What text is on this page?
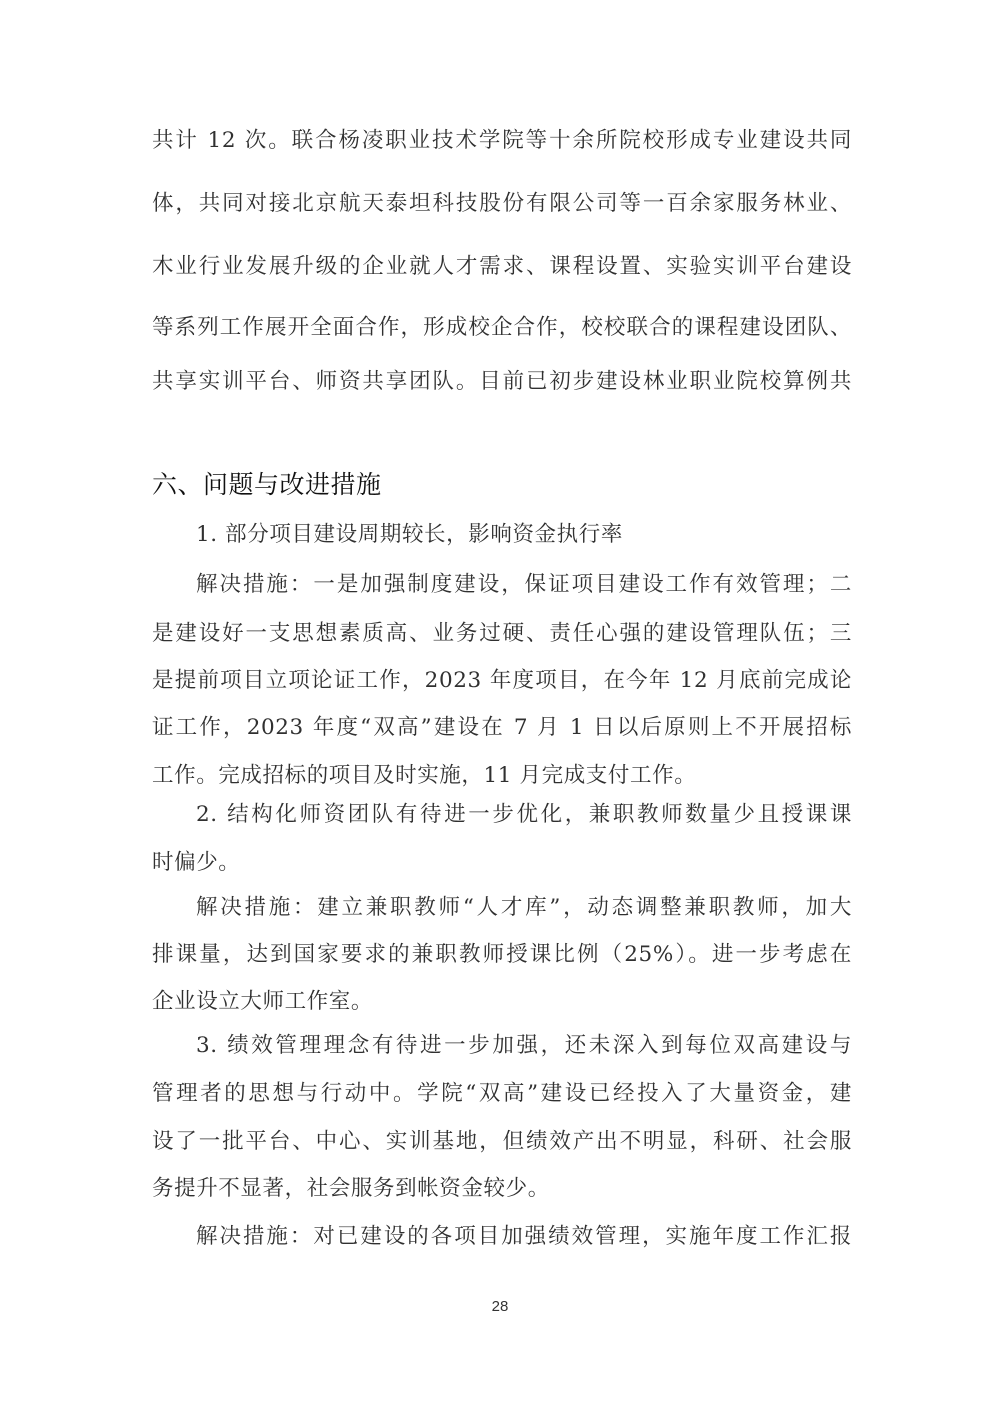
共计 12 次。联合杨凌职业技术学院等十余所院校形成专业建设共同
体，共同对接北京航天泰坦科技股份有限公司等一百余家服务林业、
木业行业发展升级的企业就人才需求、课程设置、实验实训平台建设
等系列工作展开全面合作，形成校企合作，校校联合的课程建设团队、
共享实训平台、师资共享团队。目前已初步建设林业职业院校算例共
六、问题与改进措施
1. 部分项目建设周期较长，影响资金执行率
解决措施：一是加强制度建设，保证项目建设工作有效管理；二
是建设好一支思想素质高、业务过硬、责任心强的建设管理队伍；三
是提前项目立项论证工作，2023 年度项目，在今年 12 月底前完成论
证工作，2023 年度“双高”建设在 7 月 1 日以后原则上不开展招标
工作。完成招标的项目及时实施，11 月完成支付工作。
2. 结构化师资团队有待进一步优化，兼职教师数量少且授课课
时偏少。
解决措施：建立兼职教师“人才库”，动态调整兼职教师，加大
排课量，达到国家要求的兼职教师授课比例（25%）。进一步考虑在
企业设立大师工作室。
3. 绩效管理理念有待进一步加强，还未深入到每位双高建设与
管理者的思想与行动中。学院“双高”建设已经投入了大量资金，建
设了一批平台、中心、实训基地，但绩效产出不明显，科研、社会服
务提升不显著，社会服务到帐资金较少。
解决措施：对已建设的各项目加强绩效管理，实施年度工作汇报
28
